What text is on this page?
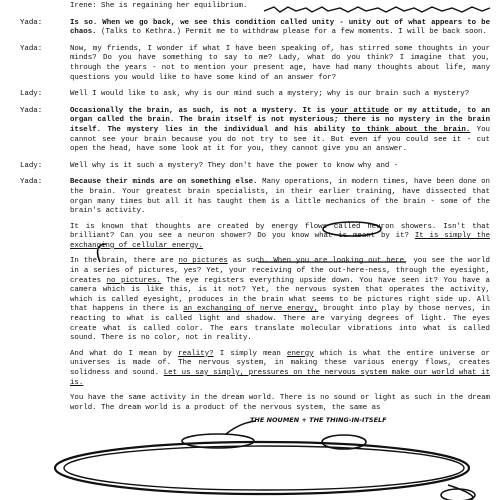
Irene: She is regaining her equilibrium.

Yada:	Is so. When we go back, we see this condition called unity - unity out of what appears to be chaos. (Talks to Kethra.) Permit me to withdraw please for a few moments. I will be back soon.

Yada:	Now, my friends, I wonder if what I have been speaking of, has stirred some thoughts in your minds? Do you have something to say to me? Lady, what do you think? I imagine that you, through the years - not to mention your present age, have had many thoughts about life, many questions you would like to have some kind of an answer for?

Lady:	Well I would like to ask, why is our mind such a mystery; why is our brain such a mystery?

Yada:	Occasionally the brain, as such, is not a mystery. It is your attitude or my attitude, to an organ called the brain. The brain itself is not mysterious; there is no mystery in the brain itself. The mystery lies in the individual and his ability to think about the brain. You cannot see your brain because you do not try to see it. But even if you could see it - cut open the head, have some look at it for you, they cannot give you an answer.

Lady:	Well why is it such a mystery? They don't have the power to know why and -

Yada:	Because their minds are on something else. Many operations, in modern times, have been done on the brain. Your greatest brain specialists, in their earlier training, have dissected that organ many times but all it has taught them is a little mechanics of the brain - some of the brain's activity.

It is known that thoughts are created by energy flows called neuron showers. Isn't that brilliant? Can you see a neuron shower? Do you know what is meant by it? It is simply the exchanging of cellular energy.

In the brain, there are no pictures as such. When you are looking out here, you see the world in a series of pictures, yes? Yet, your receiving of the out-here-ness, through the eyesight, creates no pictures. The eye registers everything upside down. You have seen it? You have a camera which is like this, is it not? Yet, the nervous system that operates the activity, which is called eyesight, produces in the brain what seems to be pictures right side up. All that happens in there is an exchanging of nerve energy, brought into play by those nerves, in reacting to what is called light and shadow. There are varying degrees of light. The eyes create what is called color. The ears translate molecular vibrations into what is called sound. There is no color, not in reality.

And what do I mean by reality? I simply mean energy which is what the entire universe or universes is made of. The nervous system, in making these various energy flows, creates solidness and sound. Let us say simply, pressures on the nervous system make our world what it is.

You have the same activity in the dream world. There is no sound or light as such in the dream world. The dream world is a product of the nervous system, the same as

THE NOUMEN + THE THING-IN-ITSELF
